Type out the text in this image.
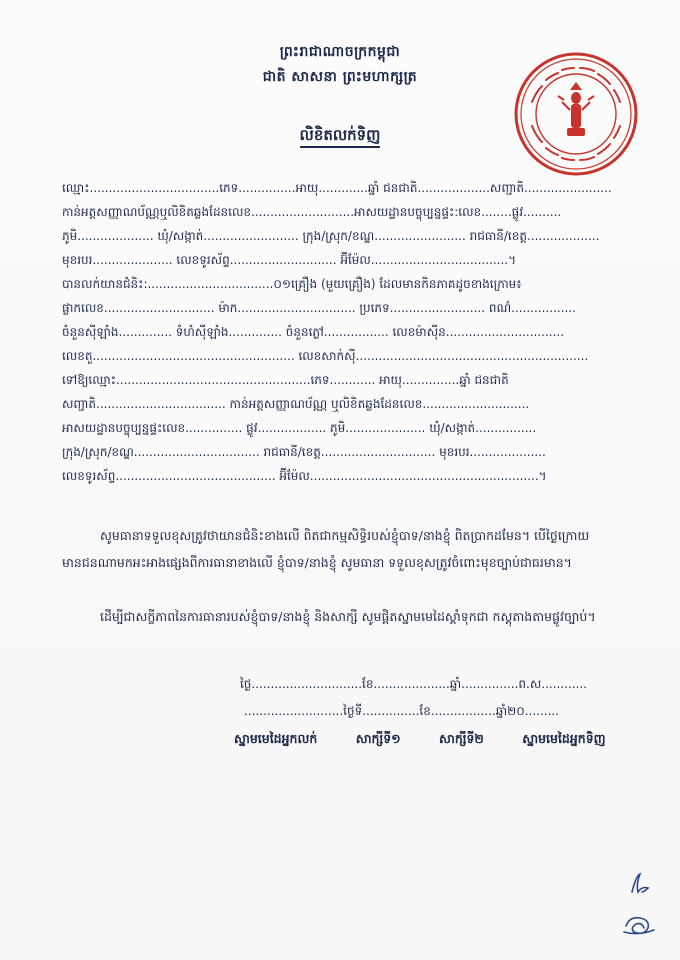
ព្រះរាជាណាចក្រកម្ពុជា
ជាតិ សាសនា ព្រះមហាក្សត្រ
លិខិតលក់ទិញ
ឈ្មោះ..................................ភេទ...............អាយុ.............ឆ្នាំ ជនជាតិ...................សញ្ជាតិ.......................
កាន់អត្តសញ្ញាណប័ណ្ណឬលិខិតឆ្លងដែនលេខ...........................អាសយដ្ឋានបច្ចុប្បន្នផ្ទះ:លេខ........ផ្លូវ..........
ភូមិ.................... ឃុំ/សង្កាត់......................... ក្រុង/ស្រុក/ខណ្ឌ........................ រាជធានី/ខេត្ត...................
មុខរបរ..................... លេខទូរស័ព្ទ............................ អ៊ីម៉ែល....................................។
បានលក់យានជំនិះ:.................................០១គ្រឿង (មួយគ្រឿង) ដែលមានកិនភាគដូចខាងក្រោម៖
ផ្លាកលេខ............................. ម៉ាក............................... ប្រភេទ......................... ពណ៌.................
ចំនួនស៊ីឡាំង.............. ទំហំស៊ីឡាំង.............. ចំនួនភ្លៅ................. លេខម៉ាស៊ីន...............................
លេខតួ..................................................... លេខសាក់ស៊ី.............................................................
ទៅឱ្យឈ្មោះ...................................................ភេទ............ អាយុ...............ឆ្នាំ ជនជាតិ
សញ្ជាតិ.................................. កាន់អត្តសញ្ញាណប័ណ្ណ ឬលិខិតឆ្លងដែនលេខ............................
អាសយដ្ឋានបច្ចុប្បន្នផ្ទះលេខ............... ផ្លូវ.................. ភូមិ..................... ឃុំ/សង្កាត់................
ក្រុង/ស្រុក/ខណ្ឌ................................. រាជធានី/ខេត្ត.............................. មុខរបរ....................
លេខទូរស័ព្ទ.......................................... អ៊ីម៉ែល............................................................។
សូមធានាទទួលខុសត្រូវថាយានជំនិះខាងលើ ពិតជាកម្មសិទ្ធិរបស់ខ្ញុំបាទ/នាងខ្ញុំ ពិតប្រាកដមែន។ បើថ្ងៃក្រោយមានជនណាមកអះអាងផ្សេងពីការធានាខាងលើ ខ្ញុំបាទ/នាងខ្ញុំ សូមធានា ទទួលខុសត្រូវចំពោះមុខច្បាប់ជាធរមាន។
ដើម្បីជាសក្ខីភាពនៃការធានារបស់ខ្ញុំបាទ/នាងខ្ញុំ និងសាក្សី សូមផ្តិតស្នាមមេដៃស្តាំទុកជា កស្តុតាងតាមផ្លូវច្បាប់។
ថ្ងៃ.............................ខែ....................ឆ្នាំ...............ព.ស............
..........................ថ្ងៃទី...............ខែ.................ឆ្នាំ២០.........
ស្នាមមេដៃអ្នកលក់	សាក្សីទី១	សាក្សីទី២	ស្នាមមេដៃអ្នកទិញ
